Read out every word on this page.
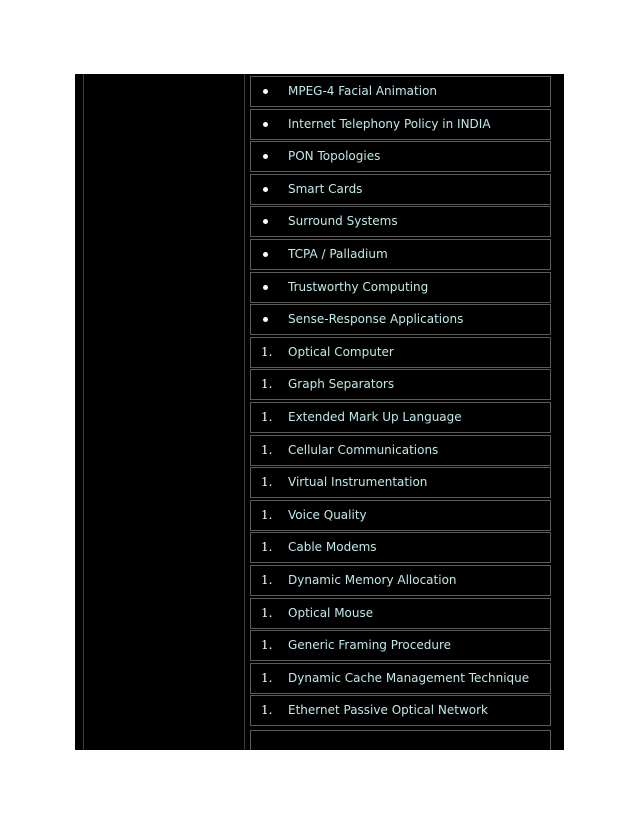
MPEG-4 Facial Animation
Internet Telephony Policy in INDIA
PON Topologies
Smart Cards
Surround Systems
TCPA / Palladium
Trustworthy Computing
Sense-Response Applications
1. Optical Computer
1. Graph Separators
1. Extended Mark Up Language
1. Cellular Communications
1. Virtual Instrumentation
1. Voice Quality
1. Cable Modems
1. Dynamic Memory Allocation
1. Optical Mouse
1. Generic Framing Procedure
1. Dynamic Cache Management Technique
1. Ethernet Passive Optical Network
